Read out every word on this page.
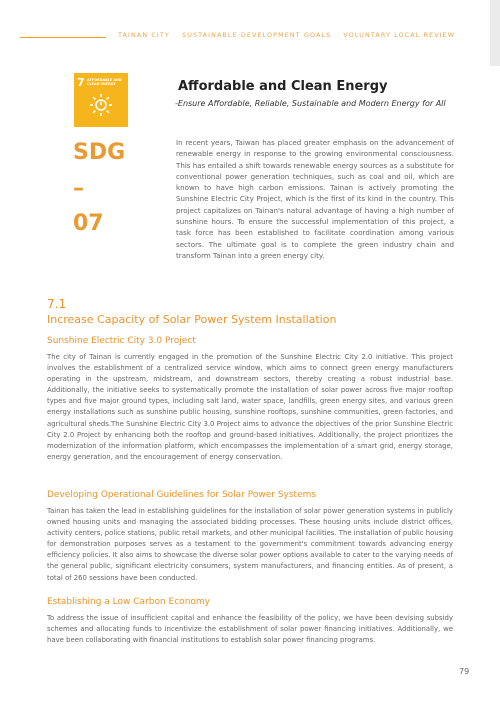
TAINAN CITY SUSTAINABLE DEVELOPMENT GOALS VOLUNTARY LOCAL REVIEW
7 AFFORDABLE AND
CLEAN ENERGY
SDG
–
07
Affordable and Clean Energy
-Ensure Affordable, Reliable, Sustainable and Modern Energy for All
In recent years, Taiwan has placed greater emphasis on the advancement of renewable energy in response to the growing environmental consciousness. This has entailed a shift towards renewable energy sources as a substitute for conventional power generation techniques, such as coal and oil, which are known to have high carbon emissions. Tainan is actively promoting the Sunshine Electric City Project, which is the first of its kind in the country. This project capitalizes on Tainan's natural advantage of having a high number of sunshine hours. To ensure the successful implementation of this project, a task force has been established to facilitate coordination among various sectors. The ultimate goal is to complete the green industry chain and transform Tainan into a green energy city.
7.1
Increase Capacity of Solar Power System Installation
Sunshine Electric City 3.0 Project
The city of Tainan is currently engaged in the promotion of the Sunshine Electric City 2.0 initiative. This project involves the establishment of a centralized service window, which aims to connect green energy manufacturers operating in the upstream, midstream, and downstream sectors, thereby creating a robust industrial base. Additionally, the initiative seeks to systematically promote the installation of solar power across five major rooftop types and five major ground types, including salt land, water space, landfills, green energy sites, and various green energy installations such as sunshine public housing, sunshine rooftops, sunshine communities, green factories, and agricultural sheds.The Sunshine Electric City 3.0 Project aims to advance the objectives of the prior Sunshine Electric City 2.0 Project by enhancing both the rooftop and ground-based initiatives. Additionally, the project prioritizes the modernization of the information platform, which encompasses the implementation of a smart grid, energy storage, energy generation, and the encouragement of energy conservation.
Developing Operational Guidelines for Solar Power Systems
Tainan has taken the lead in establishing guidelines for the installation of solar power generation systems in publicly owned housing units and managing the associated bidding processes. These housing units include district offices, activity centers, police stations, public retail markets, and other municipal facilities. The installation of public housing for demonstration purposes serves as a testament to the government's commitment towards advancing energy efficiency policies. It also aims to showcase the diverse solar power options available to cater to the varying needs of the general public, significant electricity consumers, system manufacturers, and financing entities. As of present, a total of 260 sessions have been conducted.
Establishing a Low Carbon Economy
To address the issue of insufficient capital and enhance the feasibility of the policy, we have been devising subsidy schemes and allocating funds to incentivize the establishment of solar power financing initiatives. Additionally, we have been collaborating with financial institutions to establish solar power financing programs.
79
